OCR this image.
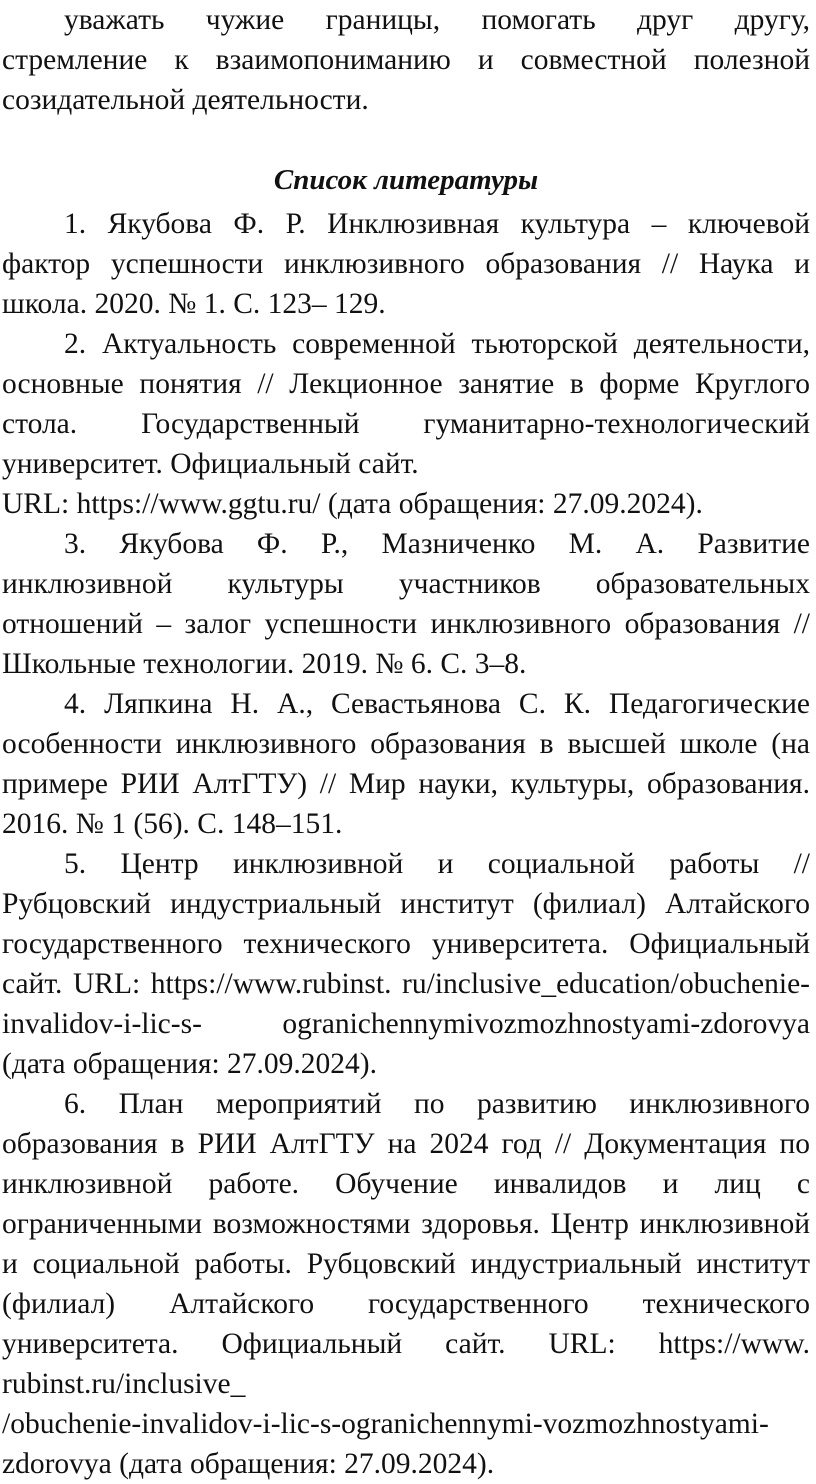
уважать чужие границы, помогать друг другу,
стремление к взаимопониманию и совместной полезной
созидательной деятельности.
Список литературы
1. Якубова Ф. Р. Инклюзивная культура – ключевой
фактор успешности инклюзивного образования // Наука и
школа. 2020. № 1. С. 123– 129.
2. Актуальность современной тьюторской деятельности,
основные понятия // Лекционное занятие в форме Круглого
стола. Государственный гуманитарно-технологический
университет. Официальный сайт.
URL: https://www.ggtu.ru/ (дата обращения: 27.09.2024).
3. Якубова Ф. Р., Мазниченко М. А. Развитие
инклюзивной культуры участников образовательных
отношений – залог успешности инклюзивного образования //
Школьные технологии. 2019. № 6. С. 3–8.
4. Ляпкина Н. А., Севастьянова С. К. Педагогические
особенности инклюзивного образования в высшей школе (на
примере РИИ АлтГТУ) // Мир науки, культуры, образования.
2016. № 1 (56). С. 148–151.
5. Центр инклюзивной и социальной работы //
Рубцовский индустриальный институт (филиал) Алтайского
государственного технического университета. Официальный
сайт. URL: https://www.rubinst. ru/inclusive_education/obuchenie-
invalidov-i-lic-s- ogranichennymivozmozhnostyami-zdorovya
(дата обращения: 27.09.2024).
6. План мероприятий по развитию инклюзивного
образования в РИИ АлтГТУ на 2024 год // Документация по
инклюзивной работе. Обучение инвалидов и лиц с
ограниченными возможностями здоровья. Центр инклюзивной
и социальной работы. Рубцовский индустриальный институт
(филиал) Алтайского государственного технического
университета. Официальный сайт. URL: https://www.
rubinst.ru/inclusive_
/obuchenie-invalidov-i-lic-s-ogranichennymi-vozmozhnostyami-
zdorovya (дата обращения: 27.09.2024).
